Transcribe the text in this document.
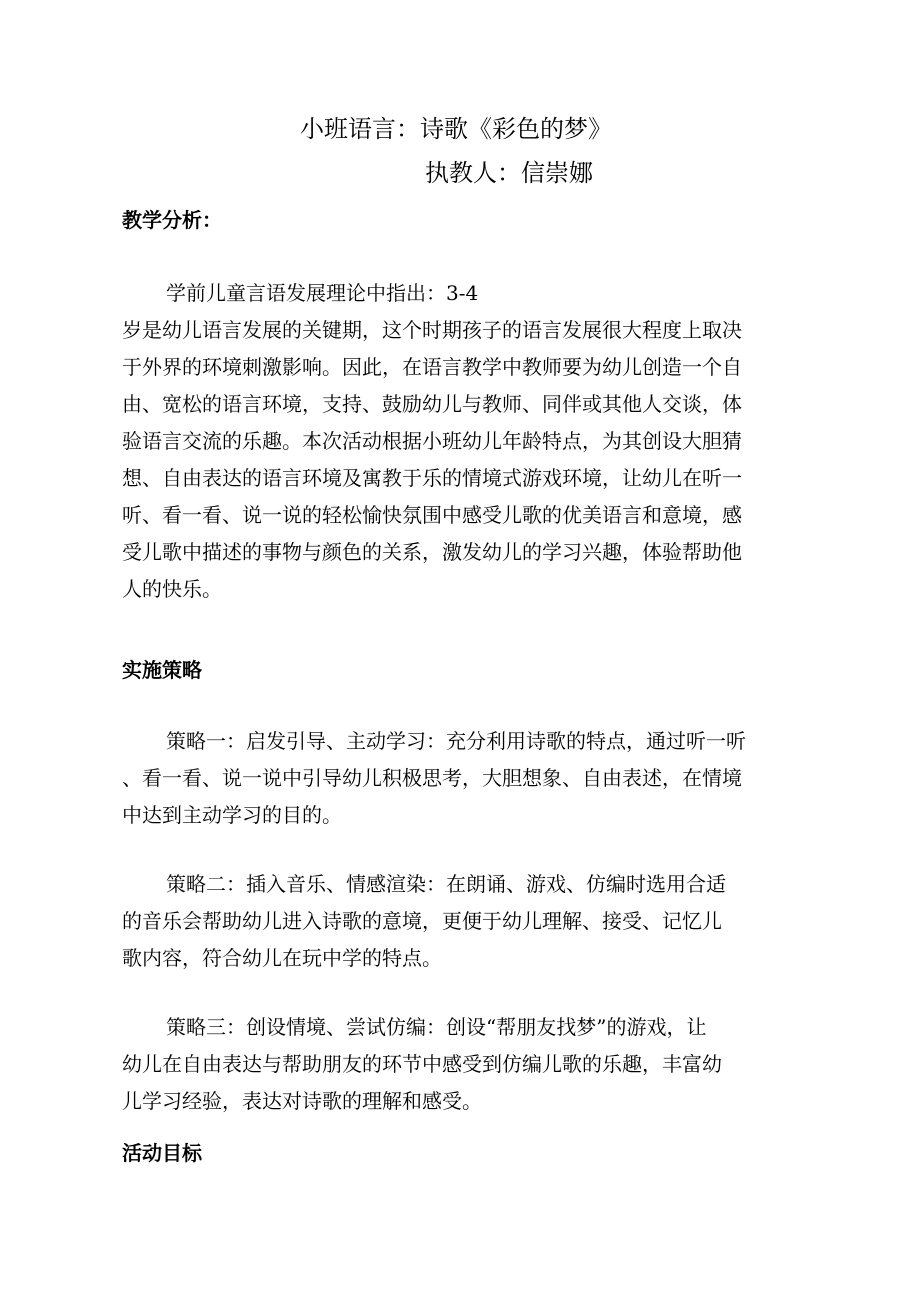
小班语言：诗歌《彩色的梦》
执教人：信崇娜
教学分析：
学前儿童言语发展理论中指出：3-4
岁是幼儿语言发展的关键期，这个时期孩子的语言发展很大程度上取决
于外界的环境刺激影响。因此，在语言教学中教师要为幼儿创造一个自
由、宽松的语言环境，支持、鼓励幼儿与教师、同伴或其他人交谈，体
验语言交流的乐趣。本次活动根据小班幼儿年龄特点，为其创设大胆猜
想、自由表达的语言环境及寓教于乐的情境式游戏环境，让幼儿在听一
听、看一看、说一说的轻松愉快氛围中感受儿歌的优美语言和意境，感
受儿歌中描述的事物与颜色的关系，激发幼儿的学习兴趣，体验帮助他
人的快乐。
实施策略
策略一：启发引导、主动学习：充分利用诗歌的特点，通过听一听
、看一看、说一说中引导幼儿积极思考，大胆想象、自由表述，在情境
中达到主动学习的目的。
策略二：插入音乐、情感渲染：在朗诵、游戏、仿编时选用合适
的音乐会帮助幼儿进入诗歌的意境，更便于幼儿理解、接受、记忆儿
歌内容，符合幼儿在玩中学的特点。
策略三：创设情境、尝试仿编：创设“帮朋友找梦”的游戏，让
幼儿在自由表达与帮助朋友的环节中感受到仿编儿歌的乐趣，丰富幼
儿学习经验，表达对诗歌的理解和感受。
活动目标
